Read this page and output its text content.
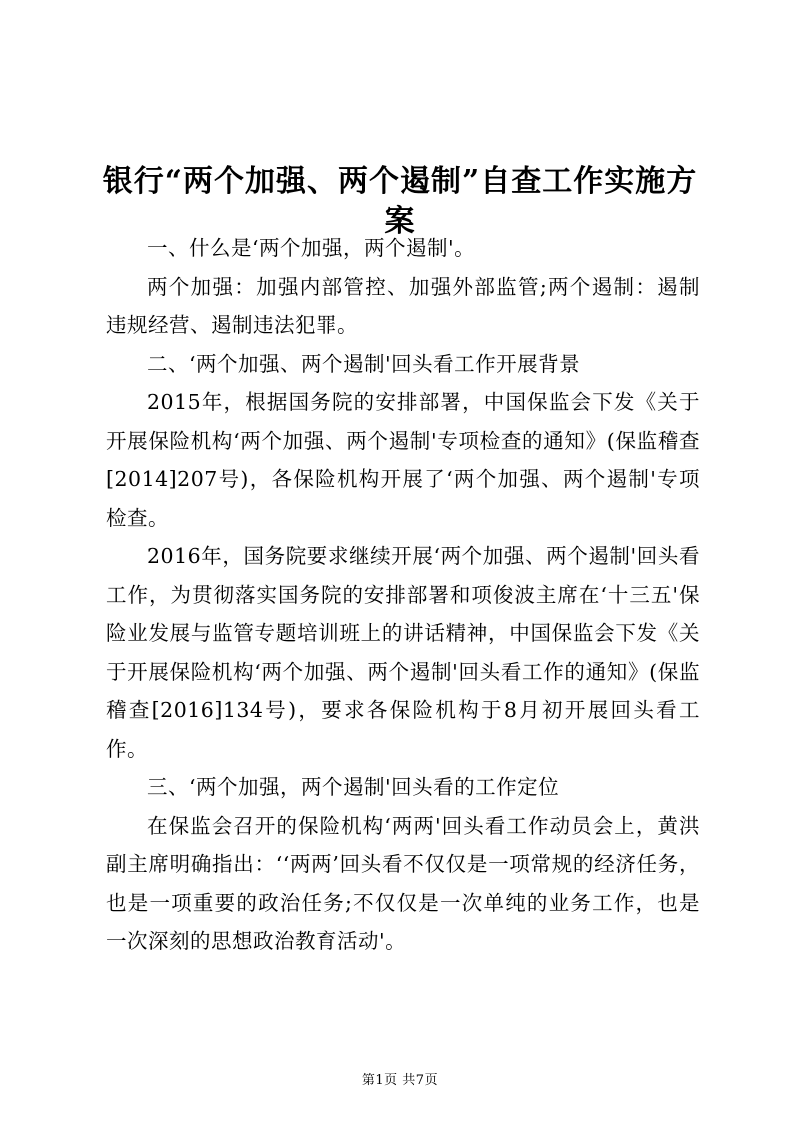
银行“两个加强、两个遏制”自查工作实施方案

一、什么是‘两个加强，两个遏制'。

两个加强：加强内部管控、加强外部监管;两个遏制：遏制违规经营、遏制违法犯罪。

二、‘两个加强、两个遏制'回头看工作开展背景

2015年，根据国务院的安排部署，中国保监会下发《关于开展保险机构‘两个加强、两个遏制'专项检查的通知》(保监稽查[2014]207号)，各保险机构开展了‘两个加强、两个遏制'专项检查。

2016年，国务院要求继续开展‘两个加强、两个遏制'回头看工作，为贯彻落实国务院的安排部署和项俊波主席在‘十三五'保险业发展与监管专题培训班上的讲话精神，中国保监会下发《关于开展保险机构‘两个加强、两个遏制'回头看工作的通知》(保监稽查[2016]134号)，要求各保险机构于8月初开展回头看工作。

三、‘两个加强，两个遏制'回头看的工作定位

在保监会召开的保险机构‘两两'回头看工作动员会上，黄洪副主席明确指出：‘‘两两’回头看不仅仅是一项常规的经济任务，也是一项重要的政治任务;不仅仅是一次单纯的业务工作，也是一次深刻的思想政治教育活动'。

第1页 共7页
